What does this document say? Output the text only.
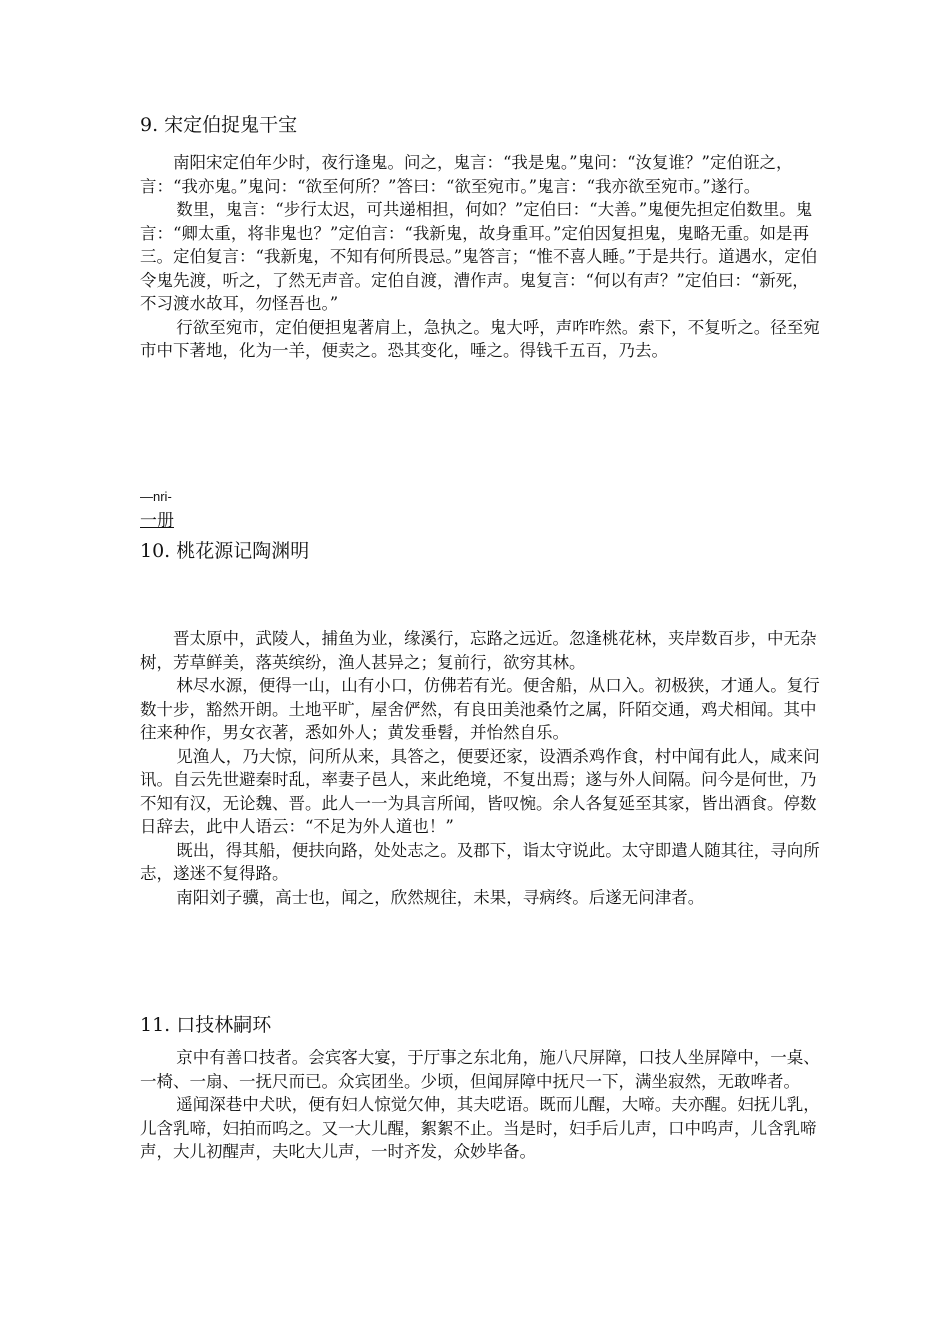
9. 宋定伯捉鬼干宝

南阳宋定伯年少时，夜行逢鬼。问之，鬼言：“我是鬼。”鬼问：“汝复谁？”定伯诳之，言：“我亦鬼。”鬼问：“欲至何所？”答曰：“欲至宛市。”鬼言：“我亦欲至宛市。”遂行。

数里，鬼言：“步行太迟，可共递相担，何如？”定伯曰：“大善。”鬼便先担定伯数里。鬼言：“卿太重，将非鬼也？”定伯言：“我新鬼，故身重耳。”定伯因复担鬼，鬼略无重。如是再三。定伯复言：“我新鬼，不知有何所畏忌。”鬼答言；“惟不喜人睡。”于是共行。道遇水，定伯令鬼先渡，听之，了然无声音。定伯自渡，漕作声。鬼复言：“何以有声？”定伯曰：“新死，不习渡水故耳，勿怪吾也。”

行欲至宛市，定伯便担鬼著肩上，急执之。鬼大呼，声咋咋然。索下，不复听之。径至宛市中下著地，化为一羊，便卖之。恐其变化，唾之。得钱千五百，乃去。

—nri-
一册
10. 桃花源记陶渊明

晋太原中，武陵人，捕鱼为业，缘溪行，忘路之远近。忽逢桃花林，夹岸数百步，中无杂树，芳草鲜美，落英缤纷，渔人甚异之；复前行，欲穷其林。

林尽水源，便得一山，山有小口，仿佛若有光。便舍船，从口入。初极狭，才通人。复行数十步，豁然开朗。土地平旷，屋舍俨然，有良田美池桑竹之属，阡陌交通，鸡犬相闻。其中往来种作，男女衣著，悉如外人；黄发垂髫，并怡然自乐。

见渔人，乃大惊，问所从来，具答之，便要还家，设酒杀鸡作食，村中闻有此人，咸来问讯。自云先世避秦时乱，率妻子邑人，来此绝境，不复出焉；遂与外人间隔。问今是何世，乃不知有汉，无论魏、晋。此人一一为具言所闻，皆叹惋。余人各复延至其家，皆出酒食。停数日辞去，此中人语云：“不足为外人道也！”

既出，得其船，便扶向路，处处志之。及郡下，诣太守说此。太守即遣人随其往，寻向所志，遂迷不复得路。

南阳刘子骥，高士也，闻之，欣然规往，未果，寻病终。后遂无问津者。

11. 口技林嗣环

京中有善口技者。会宾客大宴，于厅事之东北角，施八尺屏障，口技人坐屏障中，一桌、一椅、一扇、一抚尺而已。众宾团坐。少顷，但闻屏障中抚尺一下，满坐寂然，无敢哗者。

遥闻深巷中犬吠，便有妇人惊觉欠伸，其夫呓语。既而儿醒，大啼。夫亦醒。妇抚儿乳，儿含乳啼，妇拍而呜之。又一大儿醒，絮絮不止。当是时，妇手后儿声，口中呜声，儿含乳啼声，大儿初醒声，夫叱大儿声，一时齐发，众妙毕备。
